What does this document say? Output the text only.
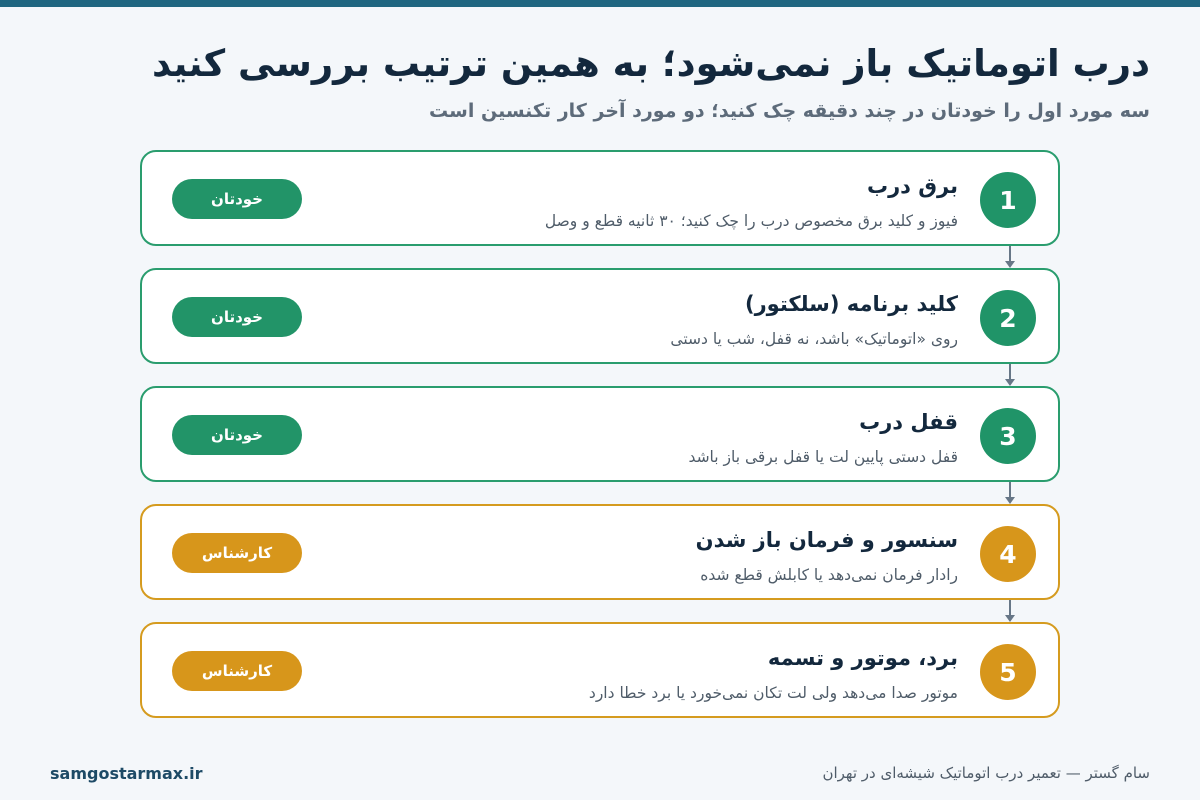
درب اتوماتیک باز نمی‌شود؛ به همین ترتیب بررسی کنید

سه مورد اول را خودتان در چند دقیقه چک کنید؛ دو مورد آخر کار تکنسین است

1
برق درب
فیوز و کلید برق مخصوص درب را چک کنید؛ ۳۰ ثانیه قطع و وصل
خودتان
2
کلید برنامه (سلکتور)
روی «اتوماتیک» باشد، نه قفل، شب یا دستی
خودتان
3
قفل درب
قفل دستی پایین لت یا قفل برقی باز باشد
خودتان
4
سنسور و فرمان باز شدن
رادار فرمان نمی‌دهد یا کابلش قطع شده
کارشناس
5
برد، موتور و تسمه
موتور صدا می‌دهد ولی لت تکان نمی‌خورد یا برد خطا دارد
کارشناس
samgostarmax.ir	سام گستر — تعمیر درب اتوماتیک شیشه‌ای در تهران
